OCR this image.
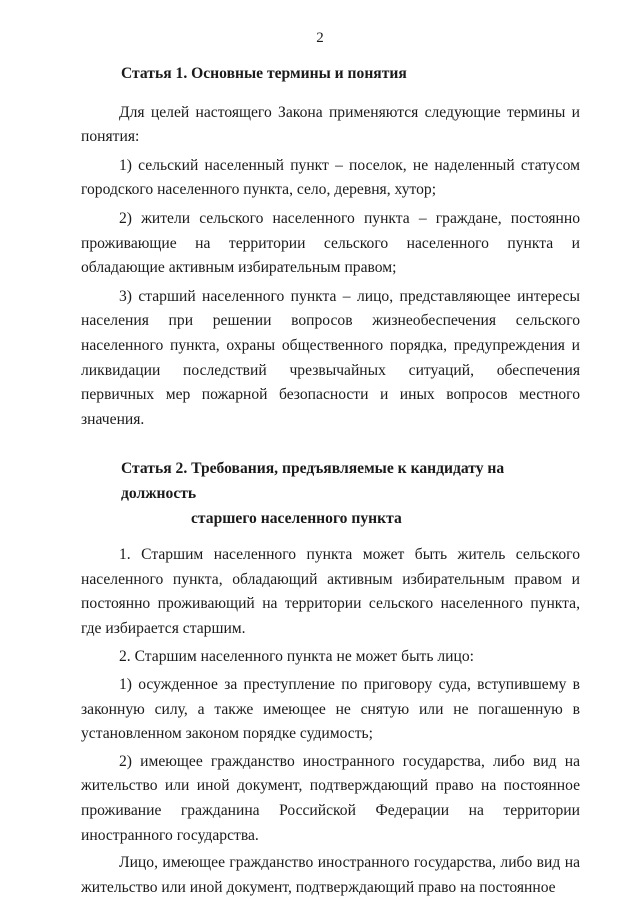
2
Статья 1. Основные термины и понятия

Для целей настоящего Закона применяются следующие термины и понятия:

1) сельский населенный пункт – поселок, не наделенный статусом городского населенного пункта, село, деревня, хутор;

2) жители сельского населенного пункта – граждане, постоянно проживающие на территории сельского населенного пункта и обладающие активным избирательным правом;

3) старший населенного пункта – лицо, представляющее интересы населения при решении вопросов жизнеобеспечения сельского населенного пункта, охраны общественного порядка, предупреждения и ликвидации последствий чрезвычайных ситуаций, обеспечения первичных мер пожарной безопасности и иных вопросов местного значения.

Статья 2. Требования, предъявляемые к кандидату на должность
старшего населенного пункта

1. Старшим населенного пункта может быть житель сельского населенного пункта, обладающий активным избирательным правом и постоянно проживающий на территории сельского населенного пункта, где избирается старшим.

2. Старшим населенного пункта не может быть лицо:

1) осужденное за преступление по приговору суда, вступившему в законную силу, а также имеющее не снятую или не погашенную в установленном законом порядке судимость;

2) имеющее гражданство иностранного государства, либо вид на жительство или иной документ, подтверждающий право на постоянное проживание гражданина Российской Федерации на территории иностранного государства.

Лицо, имеющее гражданство иностранного государства, либо вид на жительство или иной документ, подтверждающий право на постоянное
